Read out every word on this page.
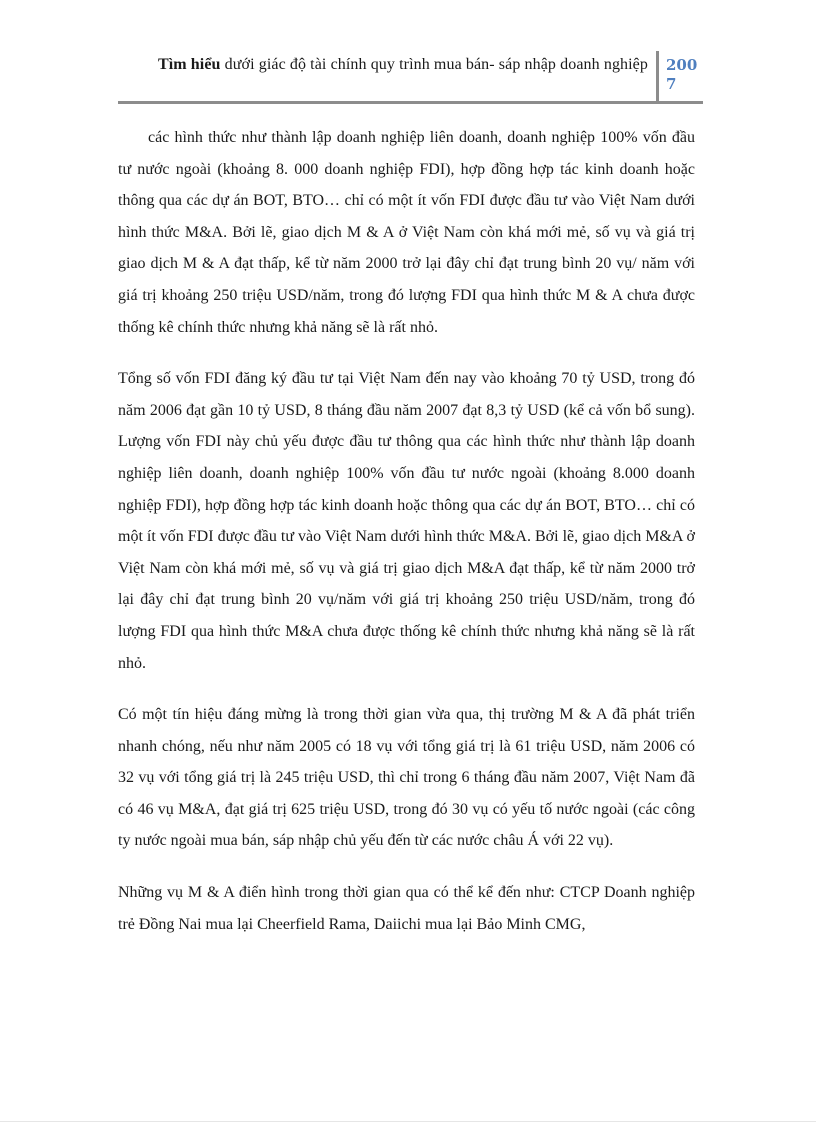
Tìm hiểu dưới giác độ tài chính quy trình mua bán- sáp nhập doanh nghiệp 2007

các hình thức như thành lập doanh nghiệp liên doanh, doanh nghiệp 100% vốn đầu tư nước ngoài (khoảng 8. 000 doanh nghiệp FDI), hợp đồng hợp tác kinh doanh hoặc thông qua các dự án BOT, BTO… chỉ có một ít vốn FDI được đầu tư vào Việt Nam dưới hình thức M&A. Bởi lẽ, giao dịch M & A ở Việt Nam còn khá mới mẻ, số vụ và giá trị giao dịch M & A đạt thấp, kể từ năm 2000 trở lại đây chỉ đạt trung bình 20 vụ/ năm với giá trị khoảng 250 triệu USD/năm, trong đó lượng FDI qua hình thức M & A chưa được thống kê chính thức nhưng khả năng sẽ là rất nhỏ.

Tổng số vốn FDI đăng ký đầu tư tại Việt Nam đến nay vào khoảng 70 tỷ USD, trong đó năm 2006 đạt gần 10 tỷ USD, 8 tháng đầu năm 2007 đạt 8,3 tỷ USD (kể cả vốn bổ sung). Lượng vốn FDI này chủ yếu được đầu tư thông qua các hình thức như thành lập doanh nghiệp liên doanh, doanh nghiệp 100% vốn đầu tư nước ngoài (khoảng 8.000 doanh nghiệp FDI), hợp đồng hợp tác kinh doanh hoặc thông qua các dự án BOT, BTO… chỉ có một ít vốn FDI được đầu tư vào Việt Nam dưới hình thức M&A. Bởi lẽ, giao dịch M&A ở Việt Nam còn khá mới mẻ, số vụ và giá trị giao dịch M&A đạt thấp, kể từ năm 2000 trở lại đây chỉ đạt trung bình 20 vụ/năm với giá trị khoảng 250 triệu USD/năm, trong đó lượng FDI qua hình thức M&A chưa được thống kê chính thức nhưng khả năng sẽ là rất nhỏ.

Có một tín hiệu đáng mừng là trong thời gian vừa qua, thị trường M & A đã phát triển nhanh chóng, nếu như năm 2005 có 18 vụ với tổng giá trị là 61 triệu USD, năm 2006 có 32 vụ với tổng giá trị là 245 triệu USD, thì chỉ trong 6 tháng đầu năm 2007, Việt Nam đã có 46 vụ M&A, đạt giá trị 625 triệu USD, trong đó 30 vụ có yếu tố nước ngoài (các công ty nước ngoài mua bán, sáp nhập chủ yếu đến từ các nước châu Á với 22 vụ).

Những vụ M & A điển hình trong thời gian qua có thể kể đến như: CTCP Doanh nghiệp trẻ Đồng Nai mua lại Cheerfield Rama, Daiichi mua lại Bảo Minh CMG,
